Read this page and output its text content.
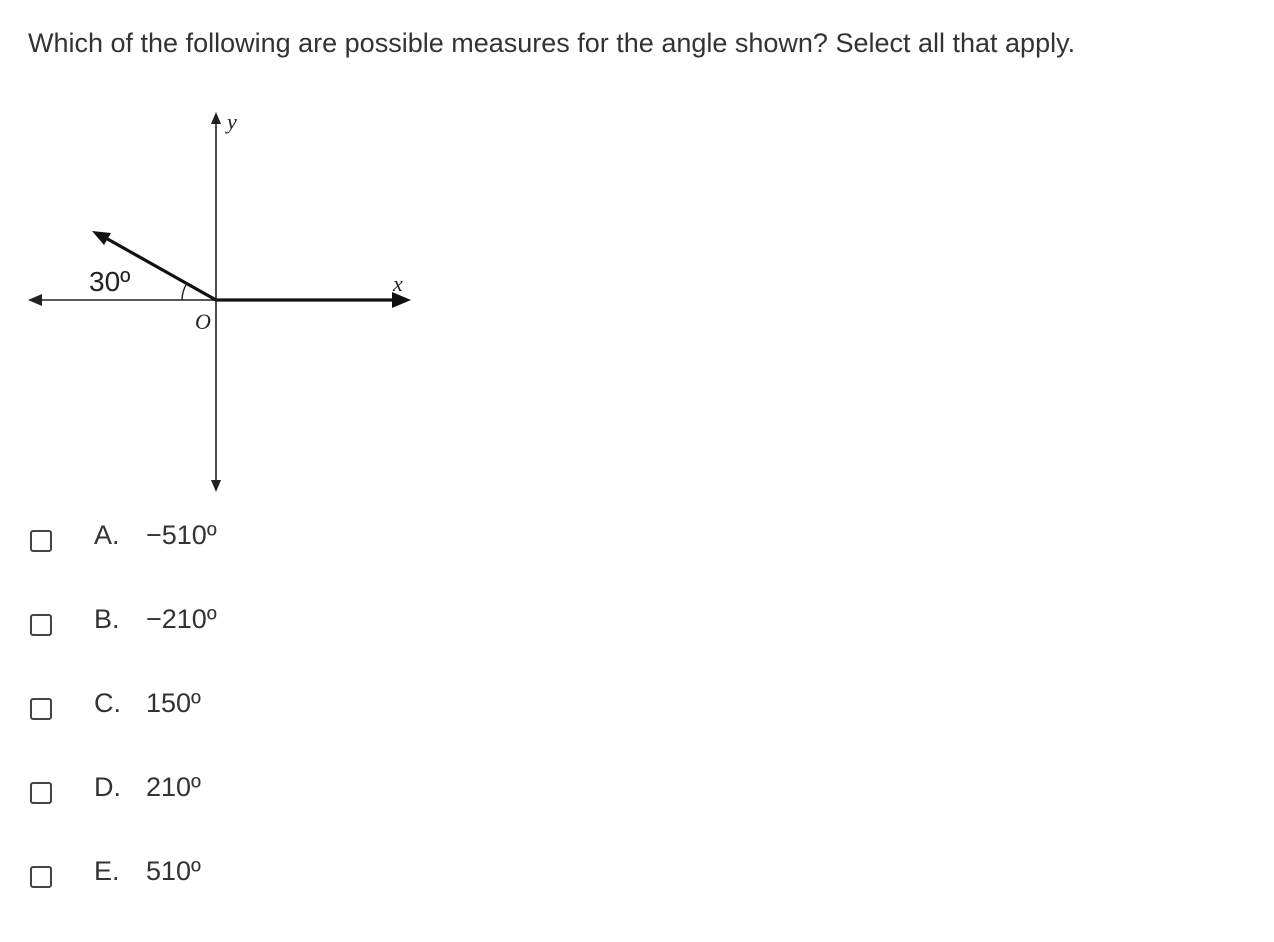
Which of the following are possible measures for the angle shown? Select all that apply.
y
x
O
30º
A. −510º
B. −210º
C. 150º
D. 210º
E. 510º
